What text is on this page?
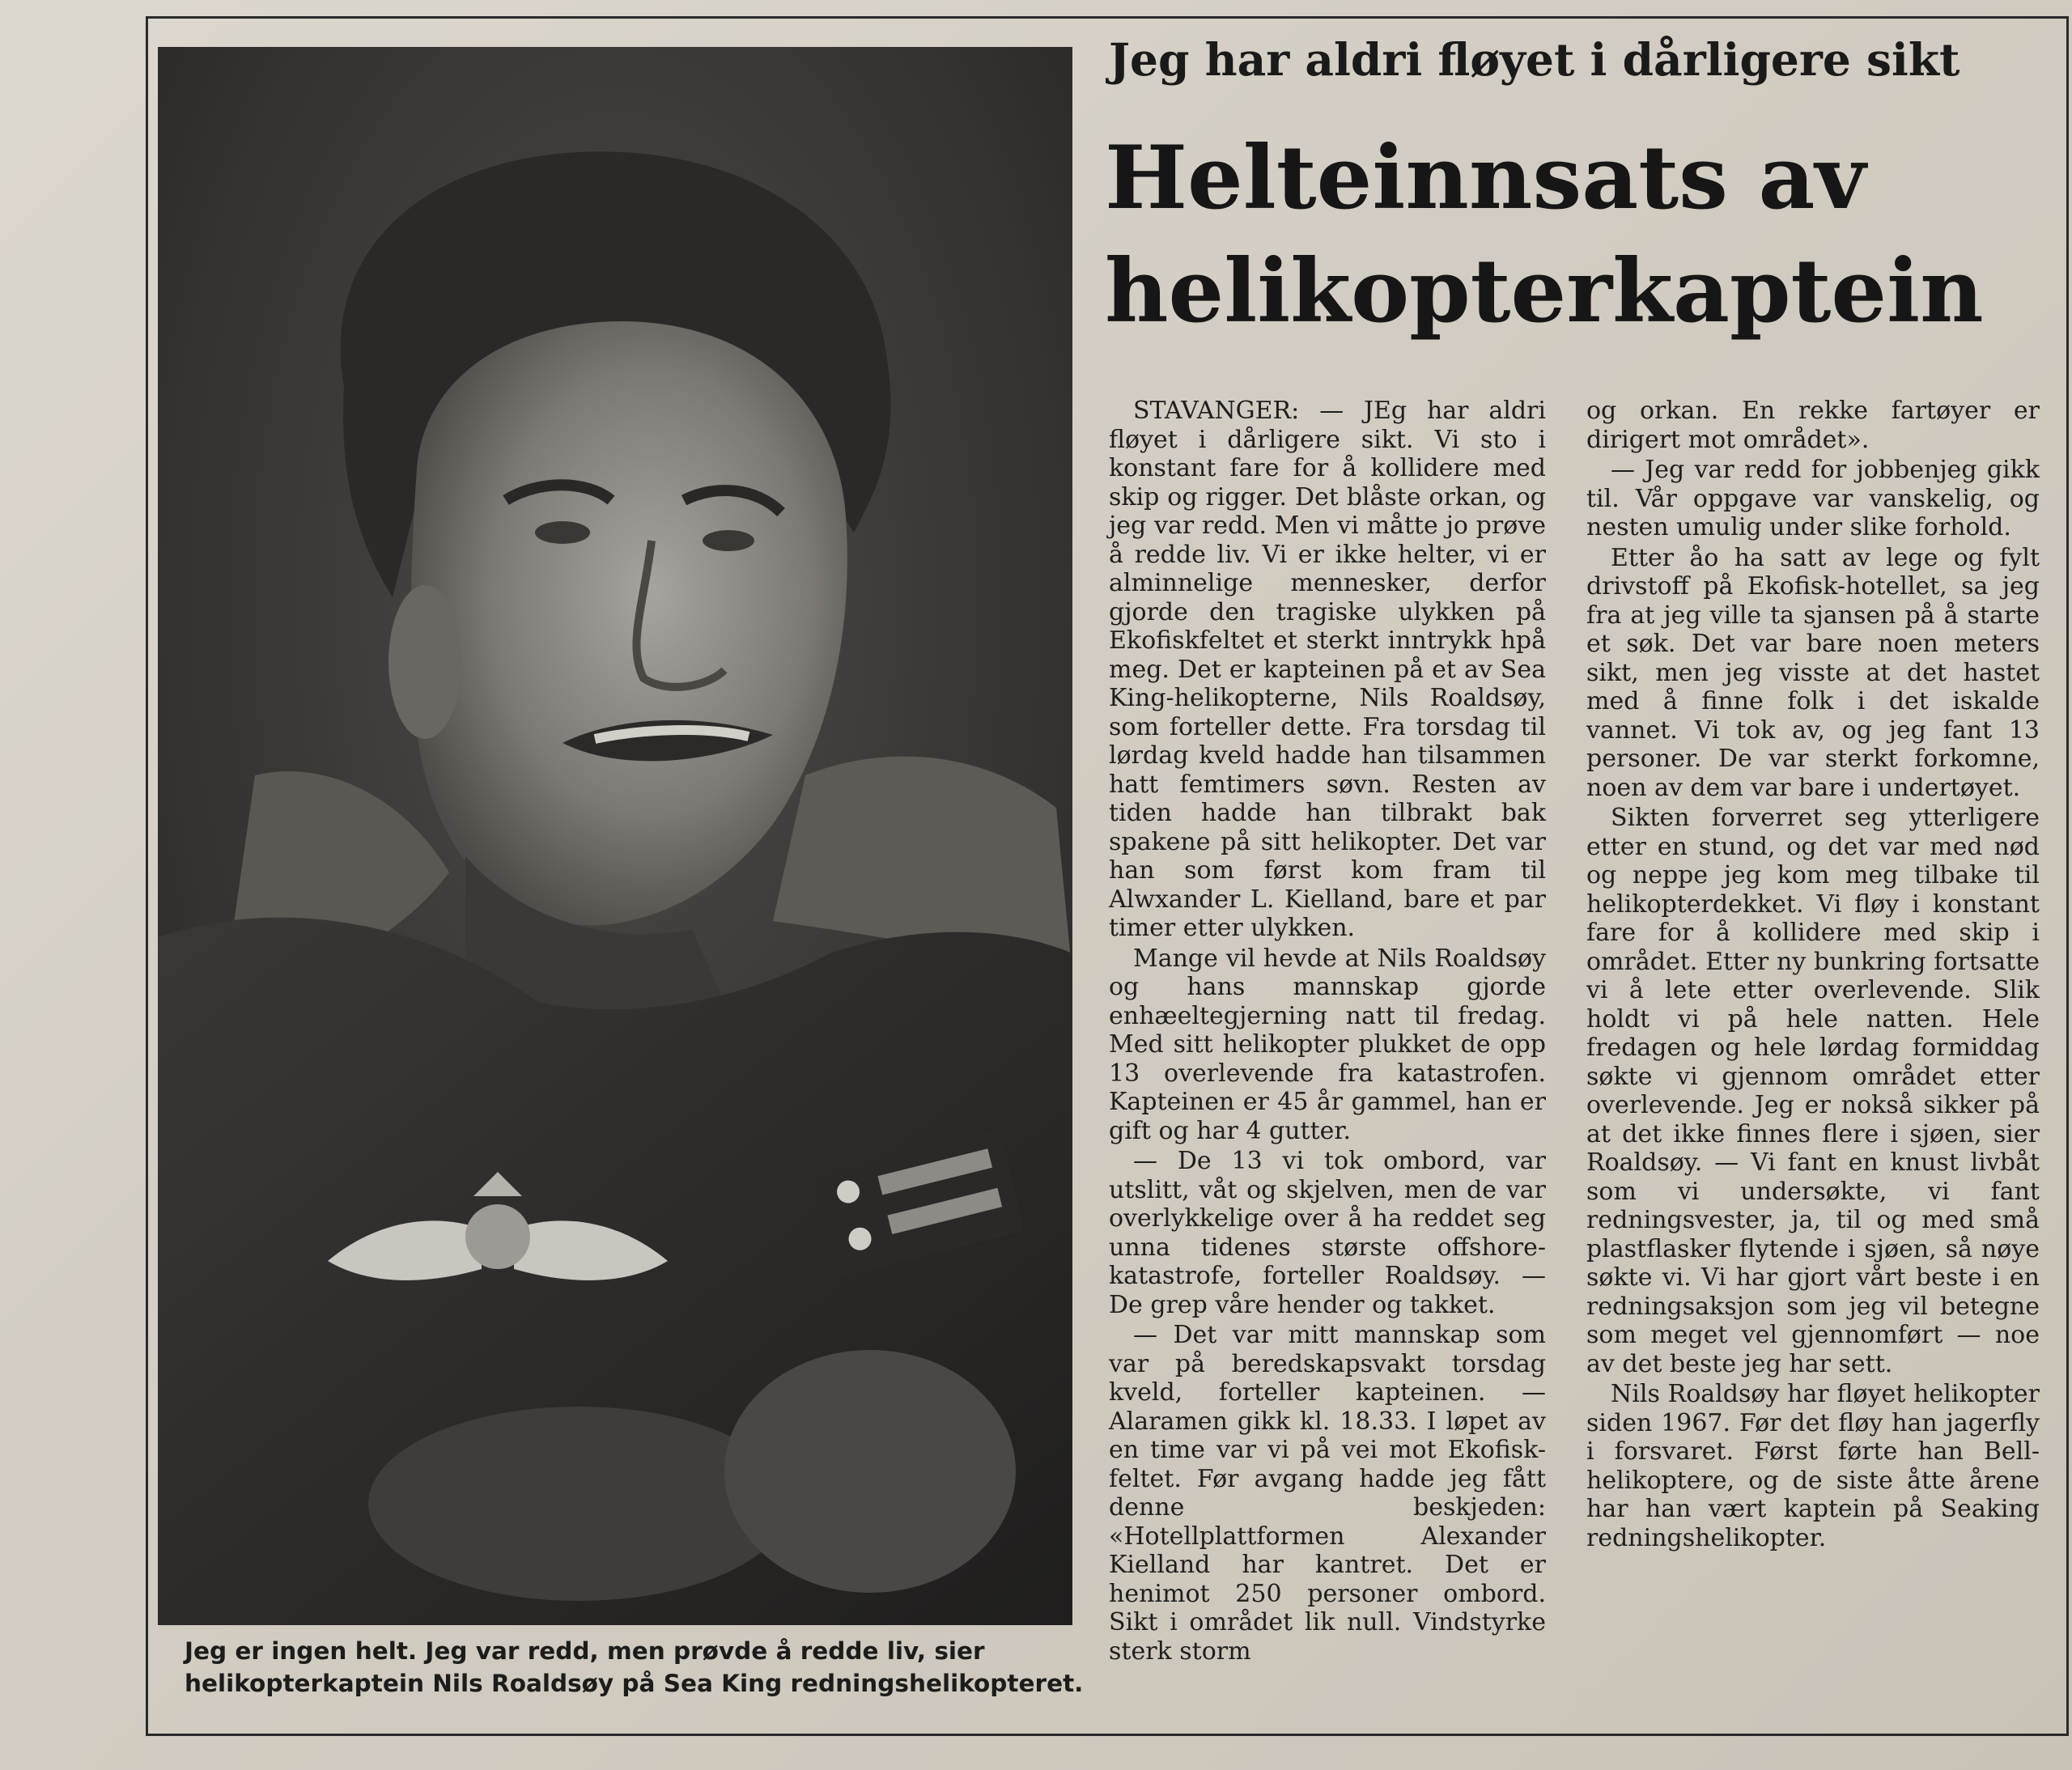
Jeg er ingen helt. Jeg var redd, men prøvde å redde liv, sier helikopterkaptein Nils Roaldsøy på Sea King redningshelikopteret.

Jeg har aldri fløyet i dårligere sikt
Helteinnsats av
helikopterkaptein

STAVANGER: — JEg har aldri fløyet i dårligere sikt. Vi sto i konstant fare for å kollidere med skip og rigger. Det blåste orkan, og jeg var redd. Men vi måtte jo prøve å redde liv. Vi er ikke helter, vi er alminnelige mennesker, derfor gjorde den tragiske ulykken på Ekofiskfeltet et sterkt inntrykk hpå meg. Det er kapteinen på et av Sea King-helikopterne, Nils Roaldsøy, som forteller dette. Fra torsdag til lørdag kveld hadde han tilsammen hatt femtimers søvn. Resten av tiden hadde han tilbrakt bak spakene på sitt helikopter. Det var han som først kom fram til Alwxander L. Kielland, bare et par timer etter ulykken.

Mange vil hevde at Nils Roaldsøy og hans mannskap gjorde enhæeltegjerning natt til fredag. Med sitt helikopter plukket de opp 13 overlevende fra katastrofen. Kapteinen er 45 år gammel, han er gift og har 4 gutter.

— De 13 vi tok ombord, var utslitt, våt og skjelven, men de var overlykkelige over å ha reddet seg unna tidenes største offshore-katastrofe, forteller Roaldsøy. — De grep våre hender og takket.

— Det var mitt mannskap som var på beredskapsvakt torsdag kveld, forteller kapteinen. — Alaramen gikk kl. 18.33. I løpet av en time var vi på vei mot Ekofisk-feltet. Før avgang hadde jeg fått denne beskjeden: «Hotellplattformen Alexander Kielland har kantret. Det er henimot 250 personer ombord. Sikt i området lik null. Vindstyrke sterk storm

og orkan. En rekke fartøyer er dirigert mot området».

— Jeg var redd for jobbenjeg gikk til. Vår oppgave var vanskelig, og nesten umulig under slike forhold.

Etter åo ha satt av lege og fylt drivstoff på Ekofisk-hotellet, sa jeg fra at jeg ville ta sjansen på å starte et søk. Det var bare noen meters sikt, men jeg visste at det hastet med å finne folk i det iskalde vannet. Vi tok av, og jeg fant 13 personer. De var sterkt forkomne, noen av dem var bare i undertøyet.

Sikten forverret seg ytterligere etter en stund, og det var med nød og neppe jeg kom meg tilbake til helikopterdekket. Vi fløy i konstant fare for å kollidere med skip i området. Etter ny bunkring fortsatte vi å lete etter overlevende. Slik holdt vi på hele natten. Hele fredagen og hele lørdag formiddag søkte vi gjennom området etter overlevende. Jeg er nokså sikker på at det ikke finnes flere i sjøen, sier Roaldsøy. — Vi fant en knust livbåt som vi undersøkte, vi fant redningsvester, ja, til og med små plastflasker flytende i sjøen, så nøye søkte vi. Vi har gjort vårt beste i en redningsaksjon som jeg vil betegne som meget vel gjennomført — noe av det beste jeg har sett.

Nils Roaldsøy har fløyet helikopter siden 1967. Før det fløy han jagerfly i forsvaret. Først førte han Bell-helikoptere, og de siste åtte årene har han vært kaptein på Seaking redningshelikopter.
